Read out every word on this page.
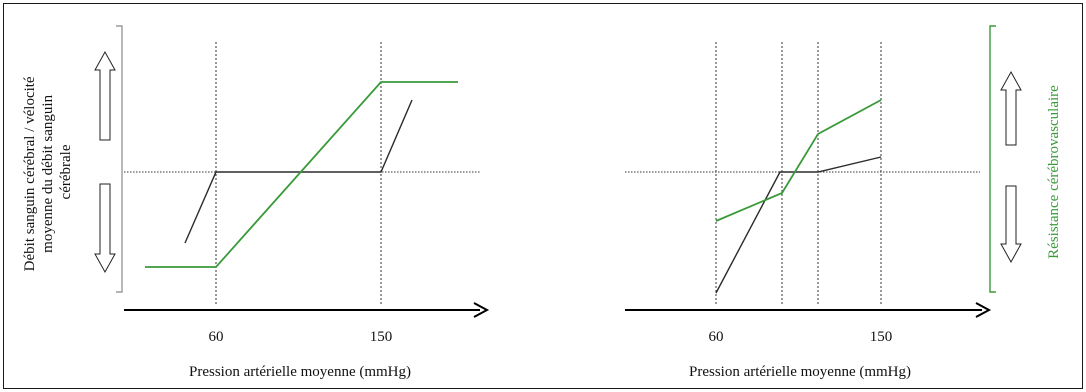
Débit sanguin cérébral / vélocité moyenne du débit sanguin cérébrale
60	150
Pression artérielle moyenne (mmHg)
60	150
Pression artérielle moyenne (mmHg)
Résistance cérébrovasculaire
